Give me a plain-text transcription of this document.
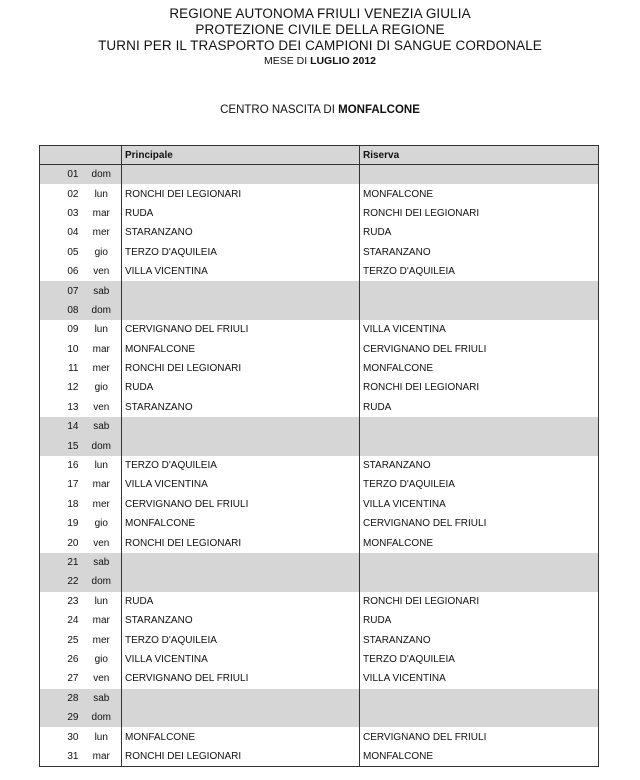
REGIONE AUTONOMA FRIULI VENEZIA GIULIA
PROTEZIONE CIVILE DELLA REGIONE
TURNI PER IL TRASPORTO DEI CAMPIONI DI SANGUE CORDONALE
MESE DI LUGLIO 2012
CENTRO NASCITA DI MONFALCONE
		Principale	Riserva
01	dom		
02	lun	RONCHI DEI LEGIONARI	MONFALCONE
03	mar	RUDA	RONCHI DEI LEGIONARI
04	mer	STARANZANO	RUDA
05	gio	TERZO D'AQUILEIA	STARANZANO
06	ven	VILLA VICENTINA	TERZO D'AQUILEIA
07	sab		
08	dom		
09	lun	CERVIGNANO DEL FRIULI	VILLA VICENTINA
10	mar	MONFALCONE	CERVIGNANO DEL FRIULI
11	mer	RONCHI DEI LEGIONARI	MONFALCONE
12	gio	RUDA	RONCHI DEI LEGIONARI
13	ven	STARANZANO	RUDA
14	sab		
15	dom		
16	lun	TERZO D'AQUILEIA	STARANZANO
17	mar	VILLA VICENTINA	TERZO D'AQUILEIA
18	mer	CERVIGNANO DEL FRIULI	VILLA VICENTINA
19	gio	MONFALCONE	CERVIGNANO DEL FRIULI
20	ven	RONCHI DEI LEGIONARI	MONFALCONE
21	sab		
22	dom		
23	lun	RUDA	RONCHI DEI LEGIONARI
24	mar	STARANZANO	RUDA
25	mer	TERZO D'AQUILEIA	STARANZANO
26	gio	VILLA VICENTINA	TERZO D'AQUILEIA
27	ven	CERVIGNANO DEL FRIULI	VILLA VICENTINA
28	sab		
29	dom		
30	lun	MONFALCONE	CERVIGNANO DEL FRIULI
31	mar	RONCHI DEI LEGIONARI	MONFALCONE
